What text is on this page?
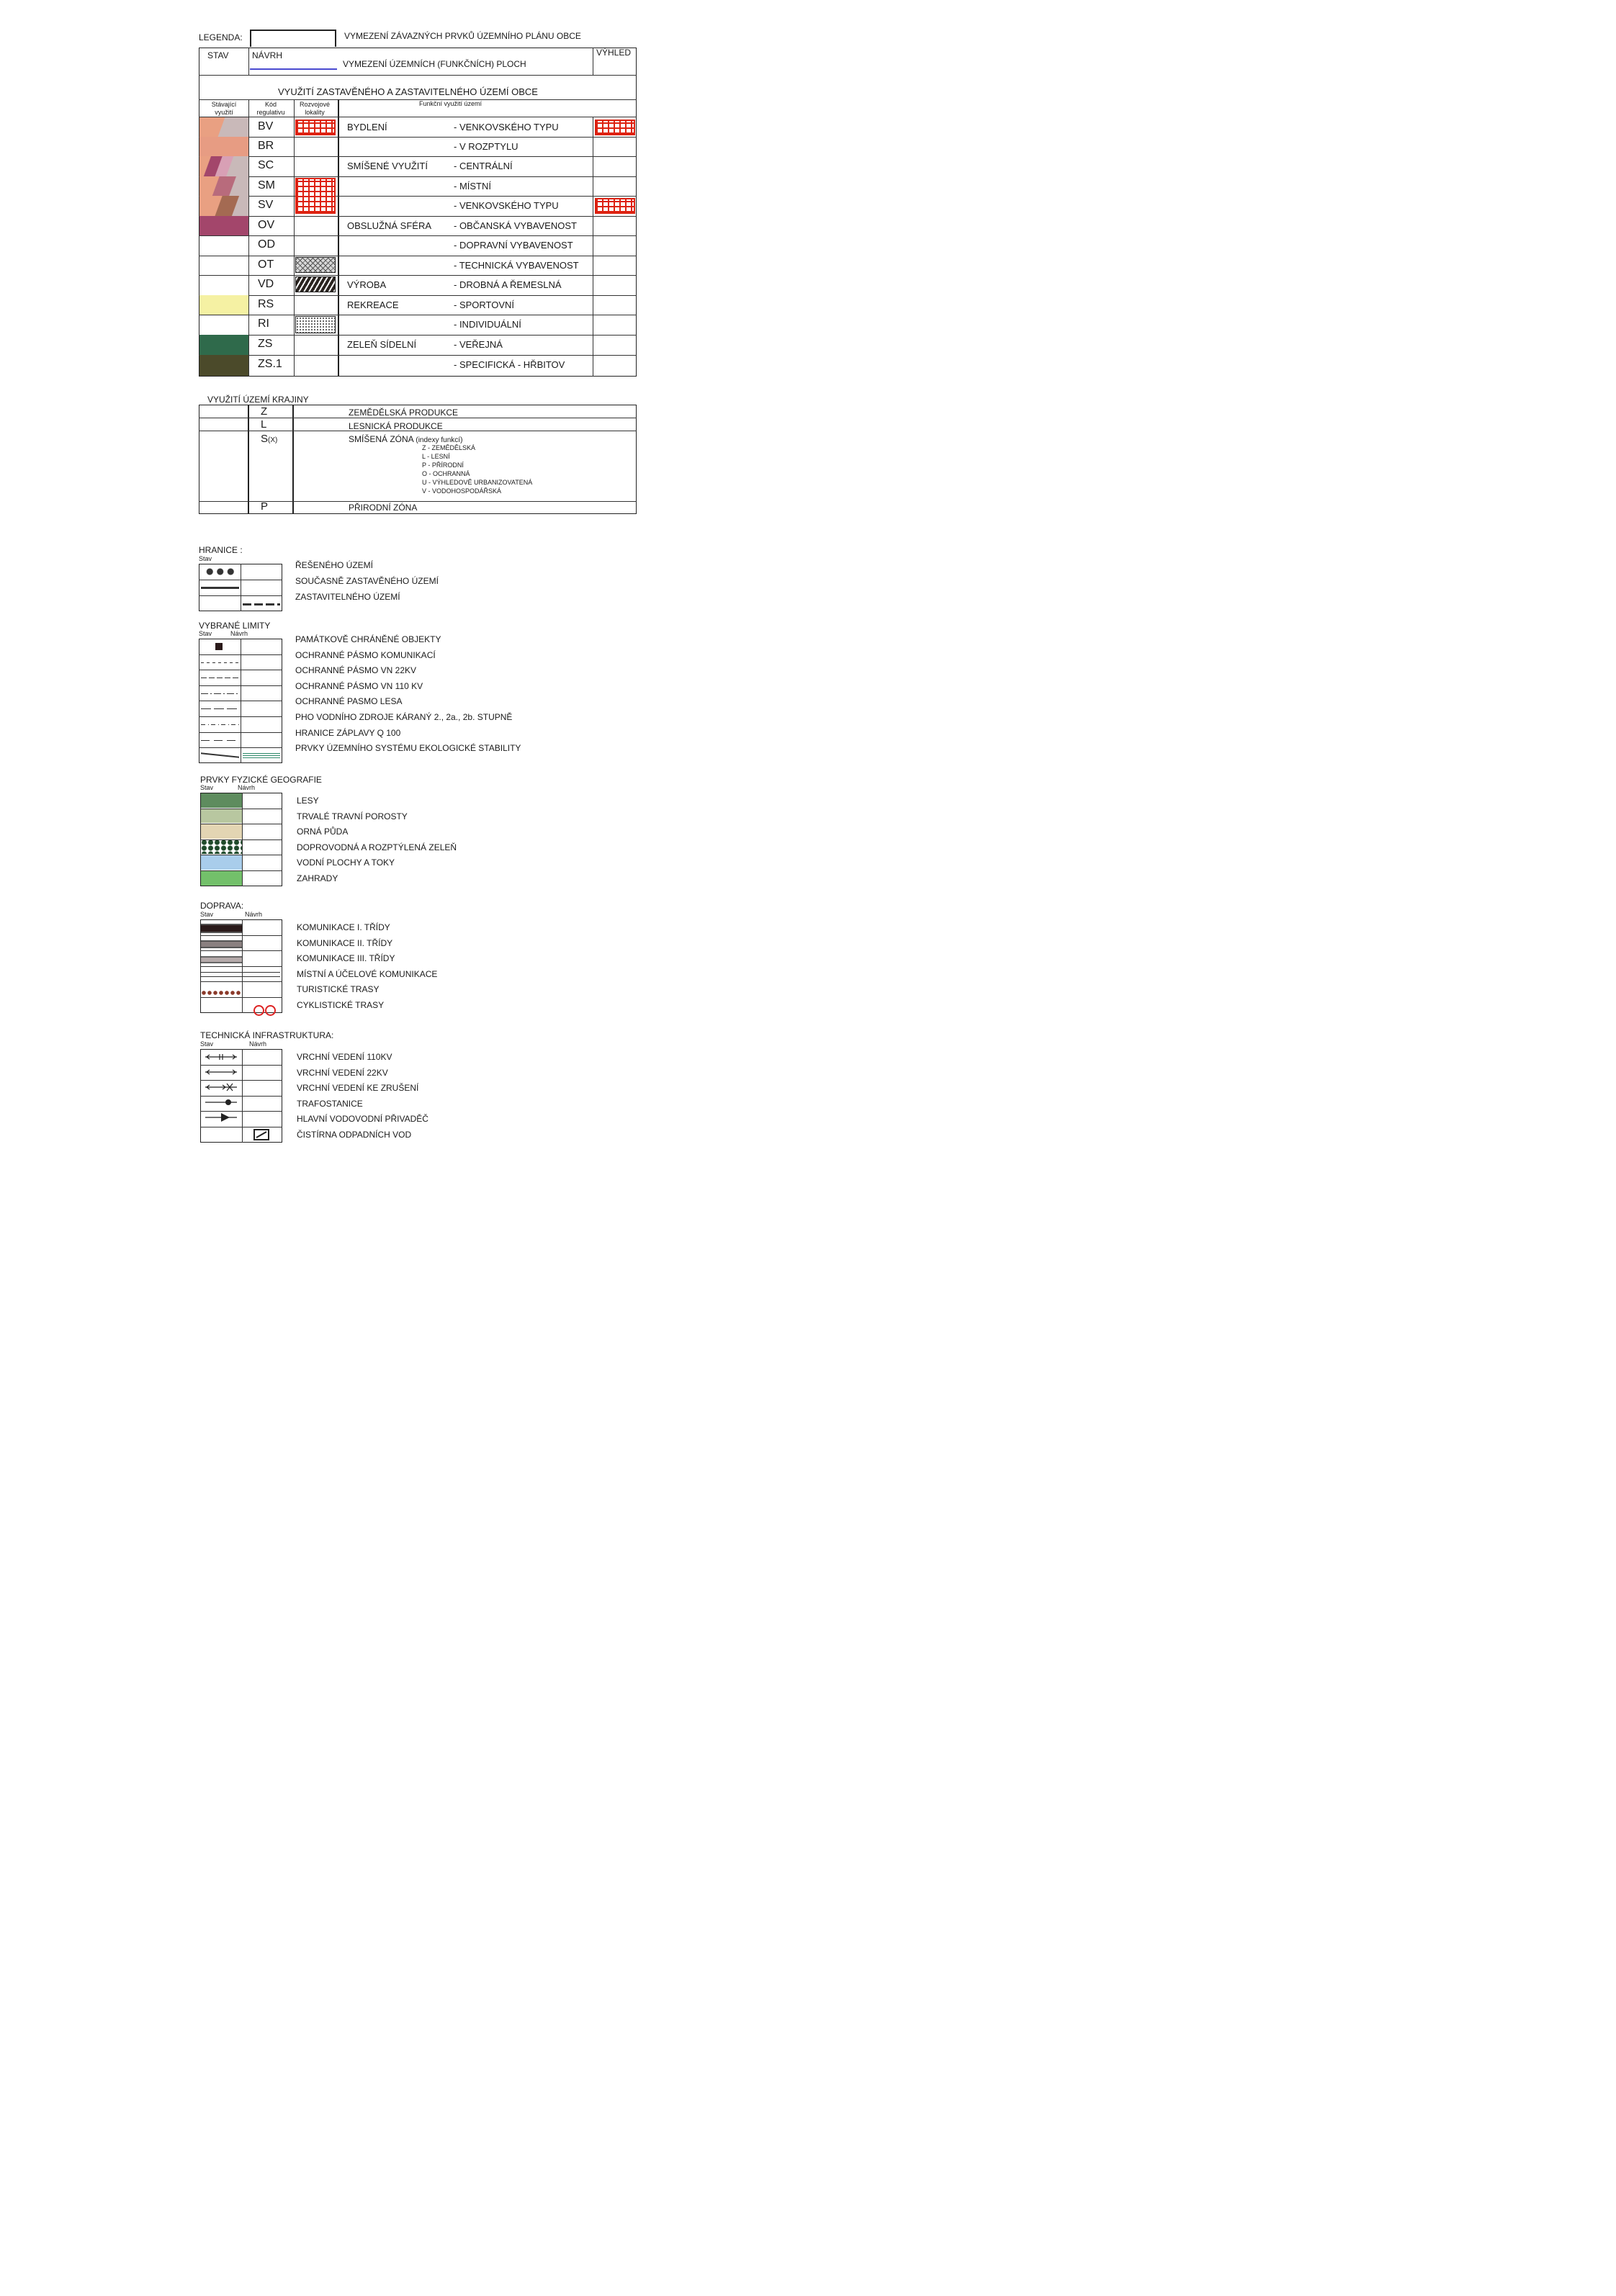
LEGENDA:	VYMEZENÍ ZÁVAZNÝCH PRVKŮ ÚZEMNÍHO PLÁNU OBCE
STAV	NÁVRH
VYMEZENÍ ÚZEMNÍCH (FUNKČNÍCH) PLOCH
VÝHLED
VYUŽITÍ ZASTAVĚNÉHO A ZASTAVITELNÉHO ÚZEMÍ OBCE
Stávající využití
Kód regulativu
Rozvojové lokality
Funkční využití území
BV	BYDLENÍ	- VENKOVSKÉHO TYPU
BR	- V ROZPTYLU
SC	SMÍŠENÉ VYUŽITÍ	- CENTRÁLNÍ
SM	- MÍSTNÍ
SV	- VENKOVSKÉHO TYPU
OV	OBSLUŽNÁ SFÉRA - OBČANSKÁ VYBAVENOST
OD	- DOPRAVNÍ VYBAVENOST
OT	- TECHNICKÁ VYBAVENOST
VD	VÝROBA	- DROBNÁ A ŘEMESLNÁ
RS	REKREACE	- SPORTOVNÍ
RI	- INDIVIDUÁLNÍ
ZS	ZELEŇ SÍDELNÍ	- VEŘEJNÁ
ZS.1	- SPECIFICKÁ - HŘBITOV
VYUŽITÍ ÚZEMÍ KRAJINY
Z	ZEMĚDĚLSKÁ PRODUKCE
L	LESNICKÁ PRODUKCE
S(X)	SMÍŠENÁ ZÓNA (indexy funkcí)
Z - ZEMĚDĚLSKÁ
L - LESNÍ
P - PŘÍRODNÍ
O - OCHRANNÁ
U - VÝHLEDOVĚ URBANIZOVATENÁ
V - VODOHOSPODÁŘSKÁ
P	PŘIRODNÍ ZÓNA
HRANICE :
Stav
ŘEŠENÉHO ÚZEMÍ
SOUČASNĚ ZASTAVĚNÉHO ÚZEMÍ
ZASTAVITELNÉHO ÚZEMÍ
VYBRANÉ LIMITY
Stav	Návrh
PAMÁTKOVĚ CHRÁNĚNÉ OBJEKTY
OCHRANNÉ PÁSMO KOMUNIKACÍ
OCHRANNÉ PÁSMO VN 22KV
OCHRANNÉ PÁSMO VN 110 KV
OCHRANNÉ PASMO LESA
PHO VODNÍHO ZDROJE KÁRANÝ 2., 2a., 2b. STUPNĚ
HRANICE ZÁPLAVY Q 100
PRVKY ÚZEMNÍHO SYSTÉMU EKOLOGICKÉ STABILITY
PRVKY FYZICKÉ GEOGRAFIE
Stav	Návrh
LESY
TRVALÉ TRAVNÍ POROSTY
ORNÁ PŮDA
DOPROVODNÁ A ROZPTÝLENÁ ZELEŇ
VODNÍ PLOCHY A TOKY
ZAHRADY
DOPRAVA:
Stav	Návrh
KOMUNIKACE I. TŘÍDY
KOMUNIKACE II. TŘÍDY
KOMUNIKACE III. TŘÍDY
MÍSTNÍ A ÚČELOVÉ KOMUNIKACE
TURISTICKÉ TRASY
CYKLISTICKÉ TRASY
TECHNICKÁ INFRASTRUKTURA:
Stav	Návrh
VRCHNÍ VEDENÍ 110KV
VRCHNÍ VEDENÍ 22KV
VRCHNÍ VEDENÍ KE ZRUŠENÍ
TRAFOSTANICE
HLAVNÍ VODOVODNÍ PŘIVADĚČ
ČISTÍRNA ODPADNÍCH VOD
